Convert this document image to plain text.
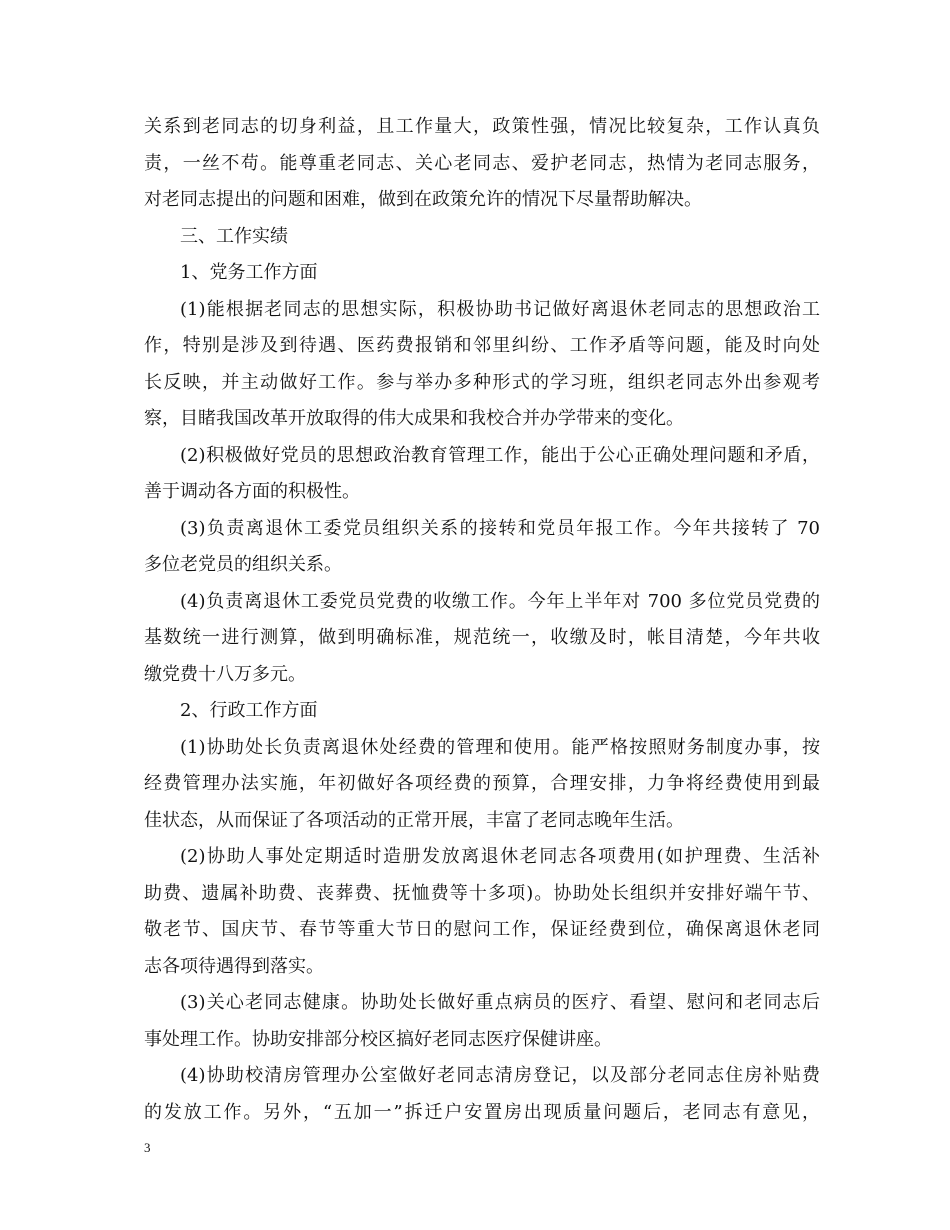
关系到老同志的切身利益，且工作量大，政策性强，情况比较复杂，工作认真负
责，一丝不苟。能尊重老同志、关心老同志、爱护老同志，热情为老同志服务，
对老同志提出的问题和困难，做到在政策允许的情况下尽量帮助解决。
三、工作实绩
1、党务工作方面
(1)能根据老同志的思想实际，积极协助书记做好离退休老同志的思想政治工
作，特别是涉及到待遇、医药费报销和邻里纠纷、工作矛盾等问题，能及时向处
长反映，并主动做好工作。参与举办多种形式的学习班，组织老同志外出参观考
察，目睹我国改革开放取得的伟大成果和我校合并办学带来的变化。
(2)积极做好党员的思想政治教育管理工作，能出于公心正确处理问题和矛盾，
善于调动各方面的积极性。
(3)负责离退休工委党员组织关系的接转和党员年报工作。今年共接转了 70
多位老党员的组织关系。
(4)负责离退休工委党员党费的收缴工作。今年上半年对 700 多位党员党费的
基数统一进行测算，做到明确标准，规范统一，收缴及时，帐目清楚，今年共收
缴党费十八万多元。
2、行政工作方面
(1)协助处长负责离退休处经费的管理和使用。能严格按照财务制度办事，按
经费管理办法实施，年初做好各项经费的预算，合理安排，力争将经费使用到最
佳状态，从而保证了各项活动的正常开展，丰富了老同志晚年生活。
(2)协助人事处定期适时造册发放离退休老同志各项费用(如护理费、生活补
助费、遗属补助费、丧葬费、抚恤费等十多项)。协助处长组织并安排好端午节、
敬老节、国庆节、春节等重大节日的慰问工作，保证经费到位，确保离退休老同
志各项待遇得到落实。
(3)关心老同志健康。协助处长做好重点病员的医疗、看望、慰问和老同志后
事处理工作。协助安排部分校区搞好老同志医疗保健讲座。
(4)协助校清房管理办公室做好老同志清房登记，以及部分老同志住房补贴费
的发放工作。另外，“五加一”拆迁户安置房出现质量问题后，老同志有意见，
3
